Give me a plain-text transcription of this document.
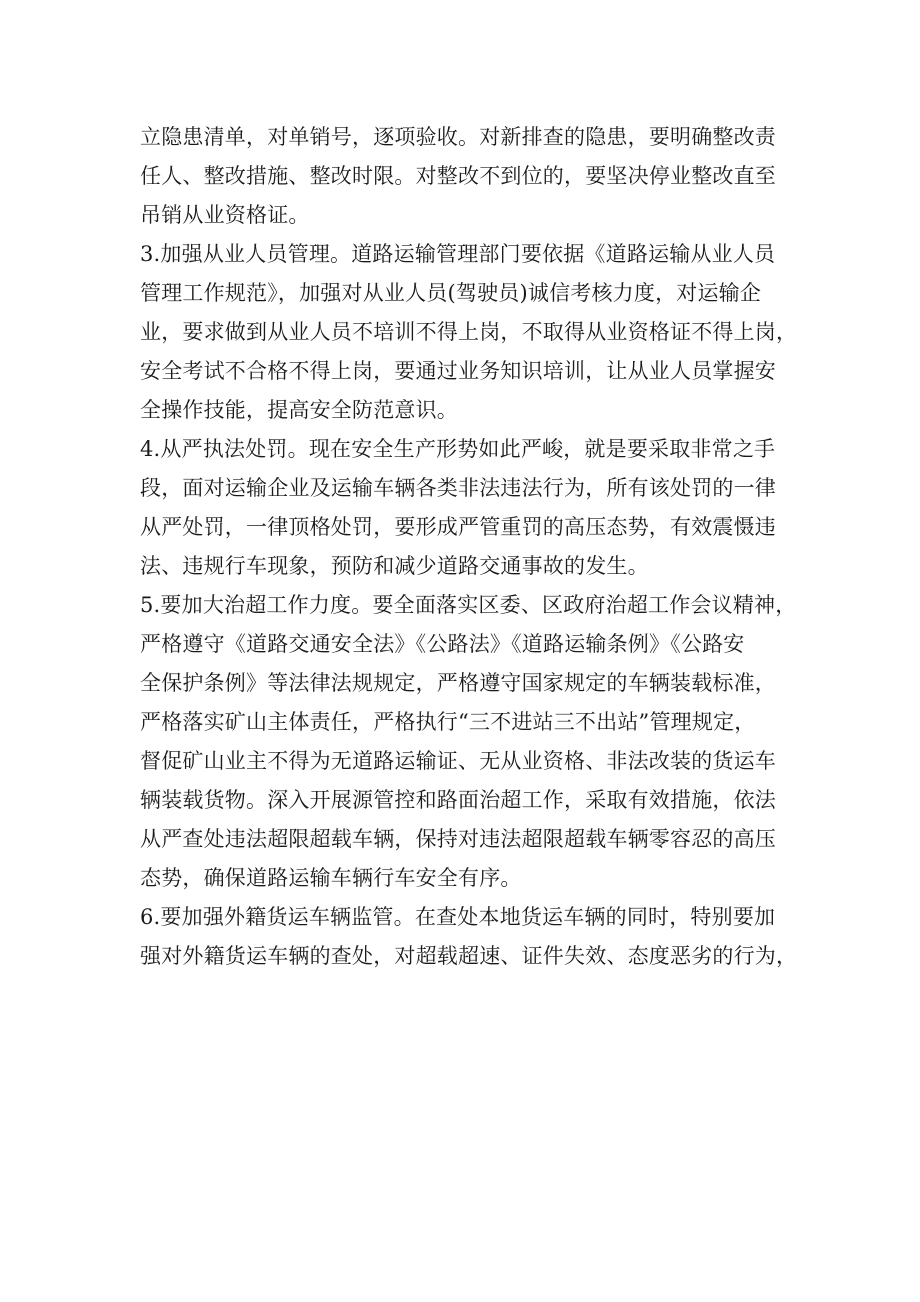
立隐患清单，对单销号，逐项验收。对新排查的隐患，要明确整改责
任人、整改措施、整改时限。对整改不到位的，要坚决停业整改直至
吊销从业资格证。
3.加强从业人员管理。道路运输管理部门要依据《道路运输从业人员
管理工作规范》，加强对从业人员(驾驶员)诚信考核力度，对运输企
业，要求做到从业人员不培训不得上岗，不取得从业资格证不得上岗，
安全考试不合格不得上岗，要通过业务知识培训，让从业人员掌握安
全操作技能，提高安全防范意识。
4.从严执法处罚。现在安全生产形势如此严峻，就是要采取非常之手
段，面对运输企业及运输车辆各类非法违法行为，所有该处罚的一律
从严处罚，一律顶格处罚，要形成严管重罚的高压态势，有效震慑违
法、违规行车现象，预防和减少道路交通事故的发生。
5.要加大治超工作力度。要全面落实区委、区政府治超工作会议精神，
严格遵守《道路交通安全法》《公路法》《道路运输条例》《公路安
全保护条例》等法律法规规定，严格遵守国家规定的车辆装载标准，
严格落实矿山主体责任，严格执行“三不进站三不出站”管理规定，
督促矿山业主不得为无道路运输证、无从业资格、非法改装的货运车
辆装载货物。深入开展源管控和路面治超工作，采取有效措施，依法
从严查处违法超限超载车辆，保持对违法超限超载车辆零容忍的高压
态势，确保道路运输车辆行车安全有序。
6.要加强外籍货运车辆监管。在查处本地货运车辆的同时，特别要加
强对外籍货运车辆的查处，对超载超速、证件失效、态度恶劣的行为，
